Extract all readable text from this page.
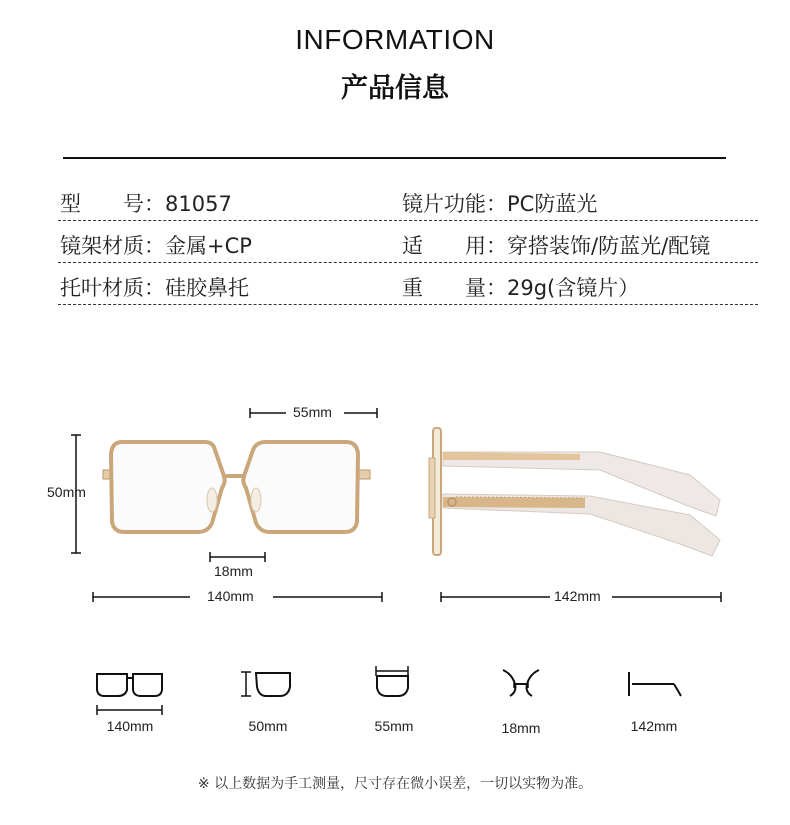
INFORMATION
产品信息
型　　号：81057	镜片功能：PC防蓝光
镜架材质：金属+CP	适　　用：穿搭装饰/防蓝光/配镜
托叶材质：硅胶鼻托	重　　量：29g(含镜片）
55mm
50mm
18mm
140mm	142mm
140mm	50mm	55mm	18mm	142mm
※ 以上数据为手工测量，尺寸存在微小误差，一切以实物为准。
